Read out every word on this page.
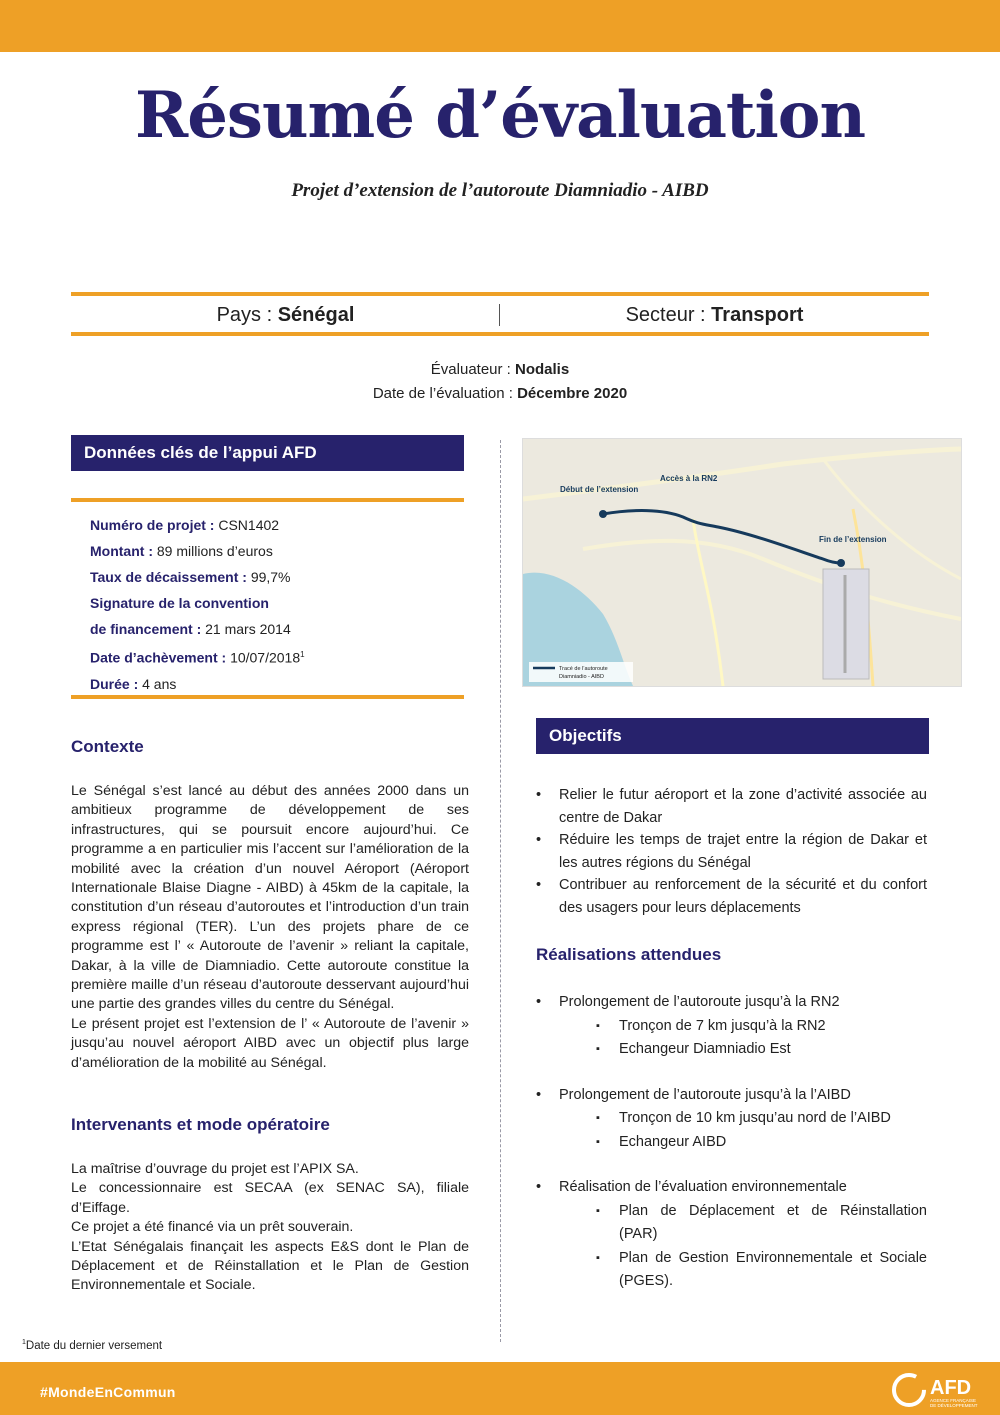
Résumé d’évaluation
Projet d’extension de l’autoroute Diamniadio - AIBD
Pays : Sénégal	Secteur : Transport
Évaluateur : Nodalis
Date de l’évaluation : Décembre 2020
Données clés de l’appui AFD
Numéro de projet : CSN1402
Montant : 89 millions d’euros
Taux de décaissement : 99,7%
Signature de la convention
de financement : 21 mars 2014
Date d’achèvement : 10/07/2018$^1$
Durée : 4 ans
Contexte

Le Sénégal s’est lancé au début des années 2000 dans un ambitieux programme de développement de ses infrastructures, qui se poursuit encore aujourd’hui. Ce programme a en particulier mis l’accent sur l’amélioration de la mobilité avec la création d’un nouvel Aéroport (Aéroport Internationale Blaise Diagne - AIBD) à 45km de la capitale, la constitution d’un réseau d’autoroutes et l’introduction d’un train express régional (TER). L’un des projets phare de ce programme est l’ « Autoroute de l’avenir » reliant la capitale, Dakar, à la ville de Diamniadio. Cette autoroute constitue la première maille d’un réseau d’autoroute desservant aujourd’hui une partie des grandes villes du centre du Sénégal.

Le présent projet est l’extension de l’ « Autoroute de l’avenir » jusqu’au nouvel aéroport AIBD avec un objectif plus large d’amélioration de la mobilité au Sénégal.

Intervenants et mode opératoire

La maîtrise d’ouvrage du projet est l’APIX SA.

Le concessionnaire est SECAA (ex SENAC SA), filiale d’Eiffage.

Ce projet a été financé via un prêt souverain.

L’Etat Sénégalais finançait les aspects E&S dont le Plan de Déplacement et de Réinstallation et le Plan de Gestion Environnementale et Sociale.

Début de l’extension
Accès à la RN2
Fin de l’extension
Tracé de l’autoroute
Diamniadio - AIBD
Objectifs
• Relier le futur aéroport et la zone d’activité associée au centre de Dakar
• Réduire les temps de trajet entre la région de Dakar et les autres régions du Sénégal
• Contribuer au renforcement de la sécurité et du confort des usagers pour leurs déplacements
Réalisations attendues
• Prolongement de l’autoroute jusqu’à la RN2
▪ Tronçon de 7 km jusqu’à la RN2
▪ Echangeur Diamniadio Est
• Prolongement de l’autoroute jusqu’à la l’AIBD
▪ Tronçon de 10 km jusqu’au nord de l’AIBD
▪ Echangeur AIBD
• Réalisation de l’évaluation environnementale
▪ Plan de Déplacement et de Réinstallation (PAR)
▪ Plan de Gestion Environnementale et Sociale (PGES).
$^1$Date du dernier versement
#MondeEnCommun	AFD
AGENCE FRANÇAISE
DE DÉVELOPPEMENT
